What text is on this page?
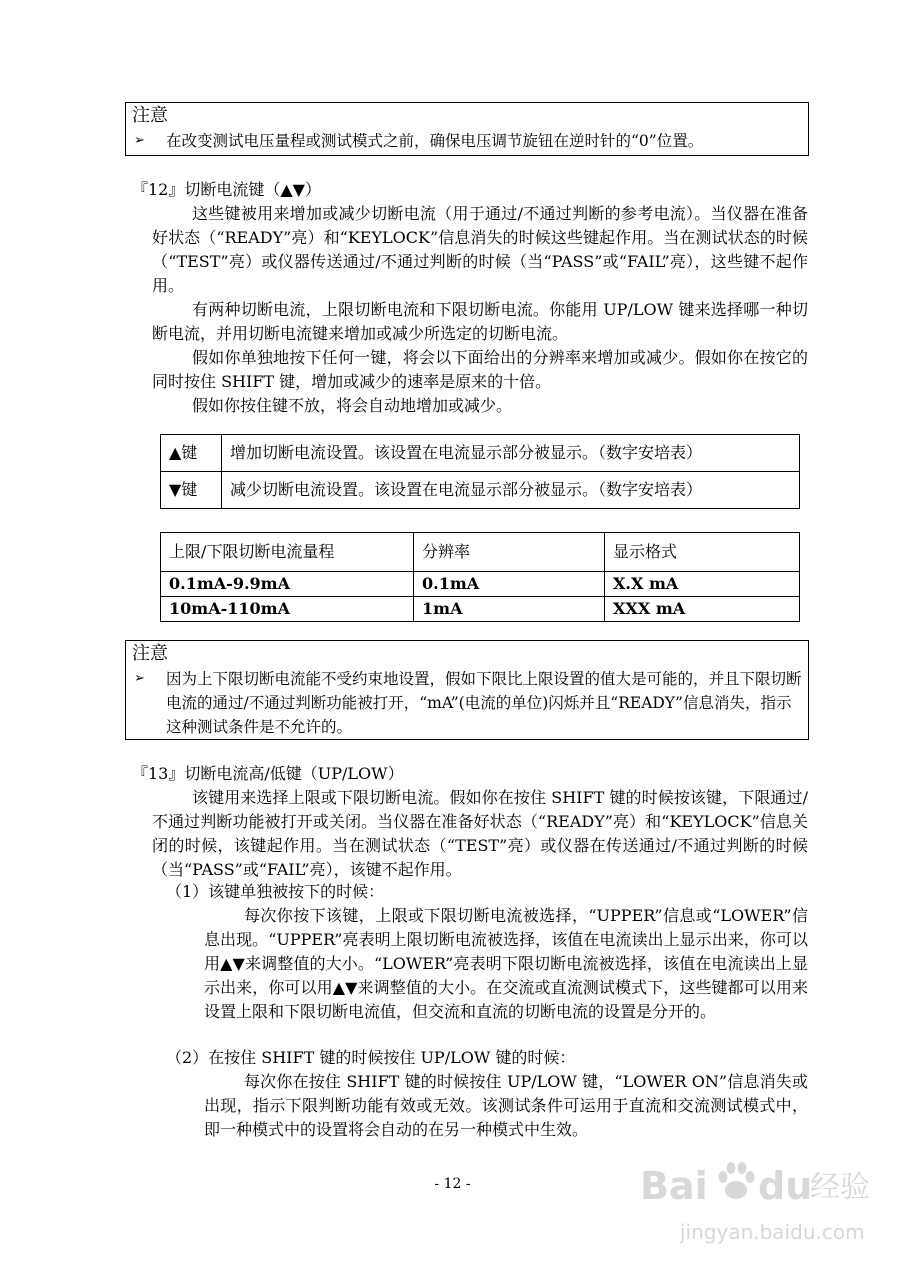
注意
➢ 在改变测试电压量程或测试模式之前，确保电压调节旋钮在逆时针的“0”位置。
『12』切断电流键（▲▼）
这些键被用来增加或减少切断电流（用于通过/不通过判断的参考电流）。当仪器在准备好状态（“READY”亮）和“KEYLOCK”信息消失的时候这些键起作用。当在测试状态的时候（“TEST”亮）或仪器传送通过/不通过判断的时候（当“PASS”或“FAIL”亮），这些键不起作用。
有两种切断电流，上限切断电流和下限切断电流。你能用 UP/LOW 键来选择哪一种切断电流，并用切断电流键来增加或减少所选定的切断电流。
假如你单独地按下任何一键，将会以下面给出的分辨率来增加或减少。假如你在按它的同时按住 SHIFT 键，增加或减少的速率是原来的十倍。
假如你按住键不放，将会自动地增加或减少。
▲键	增加切断电流设置。该设置在电流显示部分被显示。（数字安培表）
▼键	减少切断电流设置。该设置在电流显示部分被显示。（数字安培表）
上限/下限切断电流量程	分辨率	显示格式
0.1mA-9.9mA	0.1mA	X.X mA
10mA-110mA	1mA	XXX mA
注意
➢ 因为上下限切断电流能不受约束地设置，假如下限比上限设置的值大是可能的，并且下限切断电流的通过/不通过判断功能被打开，“mA”(电流的单位)闪烁并且“READY”信息消失，指示这种测试条件是不允许的。
『13』切断电流高/低键（UP/LOW）
该键用来选择上限或下限切断电流。假如你在按住 SHIFT 键的时候按该键，下限通过/不通过判断功能被打开或关闭。当仪器在准备好状态（“READY”亮）和“KEYLOCK”信息关闭的时候，该键起作用。当在测试状态（“TEST”亮）或仪器在传送通过/不通过判断的时候（当“PASS”或“FAIL”亮），该键不起作用。
（1）该键单独被按下的时候：
每次你按下该键，上限或下限切断电流被选择，“UPPER”信息或“LOWER”信息出现。“UPPER”亮表明上限切断电流被选择，该值在电流读出上显示出来，你可以用▲▼来调整值的大小。“LOWER”亮表明下限切断电流被选择，该值在电流读出上显示出来，你可以用▲▼来调整值的大小。在交流或直流测试模式下，这些键都可以用来设置上限和下限切断电流值，但交流和直流的切断电流的设置是分开的。
（2）在按住 SHIFT 键的时候按住 UP/LOW 键的时候：
每次你在按住 SHIFT 键的时候按住 UP/LOW 键，“LOWER ON”信息消失或出现，指示下限判断功能有效或无效。该测试条件可运用于直流和交流测试模式中，即一种模式中的设置将会自动的在另一种模式中生效。
- 12 -	Bai du
经验
jingyan.baidu.com
